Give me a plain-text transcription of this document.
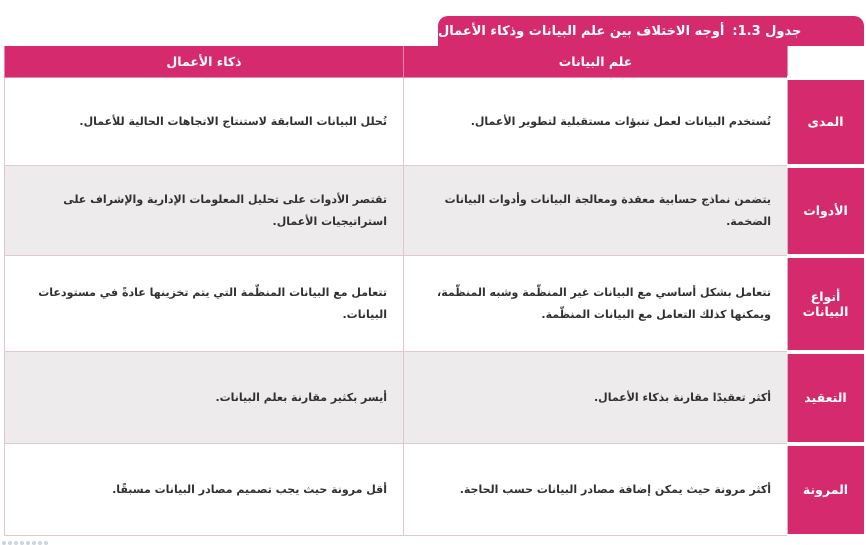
جدول 1.3:
أوجه الاختلاف بين علم البيانات وذكاء الأعمال
	علم البيانات	ذكاء الأعمال
المدى	تُستخدم البيانات لعمل تنبؤات مستقبلية لتطوير الأعمال.	تُحلل البيانات السابقة لاستنتاج الاتجاهات الحالية للأعمال.
الأدوات	يتضمن نماذج حسابية معقدة ومعالجة البيانات وأدوات البيانات الضخمة.	تقتصر الأدوات على تحليل المعلومات الإدارية والإشراف على استراتيجيات الأعمال.
أنواع البيانات	تتعامل بشكل أساسي مع البيانات غير المنظّمة وشبه المنظّمة، ويمكنها كذلك التعامل مع البيانات المنظّمة.	تتعامل مع البيانات المنظّمة التي يتم تخزينها عادةً في مستودعات البيانات.
التعقيد	أكثر تعقيدًا مقارنة بذكاء الأعمال.	أيسر بكثير مقارنة بعلم البيانات.
المرونة	أكثر مرونة حيث يمكن إضافة مصادر البيانات حسب الحاجة.	أقل مرونة حيث يجب تصميم مصادر البيانات مسبقًا.
